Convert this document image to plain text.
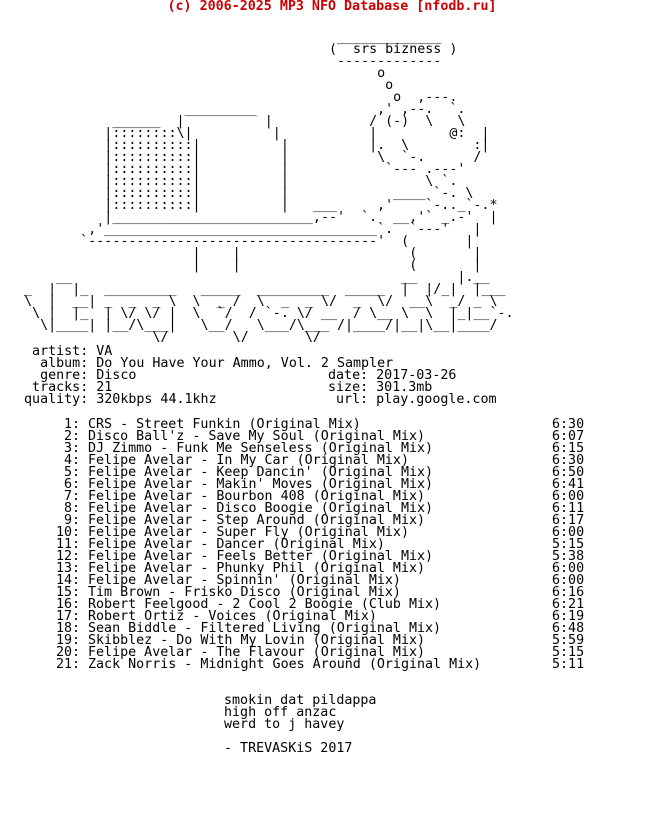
(c) 2006-2025 MP3 NFO Database [nfodb.ru]
_____________
(  srs bizness )
-------------
o
o
o  ,---.
_________               ,' ,--.  `.
______  |          |            / (-)  \   \
|::::::::\|          |           |         @:  |
|::::::::::|          |          |.  \        :|
|::::::::::|          |           \  `-.      /
|::::::::::|          |            `--- .---'
|::::::::::|          |                 \ `.
|::::::::::|          |             ____ `-. \
|::::::::::|          |   ___     ,'    `-.._`-.*
|_________________________,--'  `.  __,'` _.-'  |
,'__________________________________`.  `---'   |
`------------------------------------'  (       |
|    |                     (       |
|    |                     (       |
__                                         __     |.__
_  |  |_  _________   _____  _________  _____  |  |/_|  |___
\  |  __| _  _  _ \  \  _ /  \  _  _ \/  _  \/  __\  _/ _ \
\ |  |_  | \/ \/ |  \  `/  / `-. \/ __  / \__ \  \  |_|__`-.
\|____| |__/\___|   \__/   \___/\___ /|____/|__|\__|____/
\/        \/       \/
artist: VA
album: Do You Have Your Ammo, Vol. 2 Sampler
genre: Disco	date: 2017-03-26
tracks: 21	size: 301.3mb
quality: 320kbps 44.1khz	url: play.google.com
1: CRS - Street Funkin (Original Mix)	6:30
2: Disco Ball'z - Save My Soul (Original Mix)	6:07
3: DJ Zimmo - Funk Me Senseless (Original Mix)	6:15
4: Felipe Avelar - In My Car (Original Mix)	6:30
5: Felipe Avelar - Keep Dancin' (Original Mix)	6:50
6: Felipe Avelar - Makin' Moves (Original Mix)	6:41
7: Felipe Avelar - Bourbon 408 (Original Mix)	6:00
8: Felipe Avelar - Disco Boogie (Original Mix)	6:11
9: Felipe Avelar - Step Around (Original Mix)	6:17
10: Felipe Avelar - Super Fly (Original Mix)	6:00
11: Felipe Avelar - Dancer (Original Mix)	5:15
12: Felipe Avelar - Feels Better (Original Mix)	5:38
13: Felipe Avelar - Phunky Phil (Original Mix)	6:00
14: Felipe Avelar - Spinnin' (Original Mix)	6:00
15: Tim Brown - Frisko Disco (Original Mix)	6:16
16: Robert Feelgood - 2 Cool 2 Boogie (Club Mix)	6:21
17: Robert Ortiz - Voices (Original Mix)	6:19
18: Sean Biddle - Filtered Living (Original Mix)	6:48
19: Skibblez - Do With My Lovin (Original Mix)	5:59
20: Felipe Avelar - The Flavour (Original Mix)	5:15
21: Zack Norris - Midnight Goes Around (Original Mix)	5:11
smokin dat pildappa
high off anzac
werd to j havey
- TREVASKiS 2017
